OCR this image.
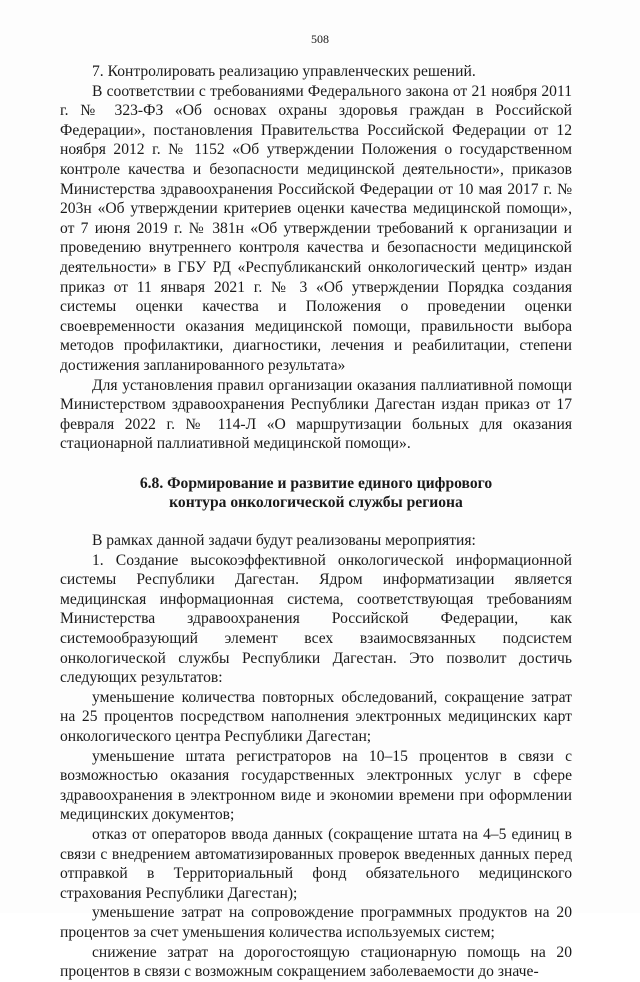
508

7. Контролировать реализацию управленческих решений.

В соответствии с требованиями Федерального закона от 21 ноября 2011 г. № 323-ФЗ «Об основах охраны здоровья граждан в Российской Федерации», постановления Правительства Российской Федерации от 12 ноября 2012 г. № 1152 «Об утверждении Положения о государственном контроле качества и безопасности медицинской деятельности», приказов Министерства здравоохранения Российской Федерации от 10 мая 2017 г. № 203н «Об утверждении критериев оценки качества медицинской помощи», от 7 июня 2019 г. № 381н «Об утверждении требований к организации и проведению внутреннего контроля качества и безопасности медицинской деятельности» в ГБУ РД «Республиканский онкологический центр» издан приказ от 11 января 2021 г. № 3 «Об утверждении Порядка создания системы оценки качества и Положения о проведении оценки своевременности оказания медицинской помощи, правильности выбора методов профилактики, диагностики, лечения и реабилитации, степени достижения запланированного результата»

Для установления правил организации оказания паллиативной помощи Министерством здравоохранения Республики Дагестан издан приказ от 17 февраля 2022 г. № 114-Л «О маршрутизации больных для оказания стационарной паллиативной медицинской помощи».

6.8. Формирование и развитие единого цифрового
контура онкологической службы региона

В рамках данной задачи будут реализованы мероприятия:

1. Создание высокоэффективной онкологической информационной системы Республики Дагестан. Ядром информатизации является медицинская информационная система, соответствующая требованиям Министерства здравоохранения Российской Федерации, как системообразующий элемент всех взаимосвязанных подсистем онкологической службы Республики Дагестан. Это позволит достичь следующих результатов:

уменьшение количества повторных обследований, сокращение затрат на 25 процентов посредством наполнения электронных медицинских карт онкологического центра Республики Дагестан;

уменьшение штата регистраторов на 10–15 процентов в связи с возможностью оказания государственных электронных услуг в сфере здравоохранения в электронном виде и экономии времени при оформлении медицинских документов;

отказ от операторов ввода данных (сокращение штата на 4–5 единиц в связи с внедрением автоматизированных проверок введенных данных перед отправкой в Территориальный фонд обязательного медицинского страхования Республики Дагестан);

уменьшение затрат на сопровождение программных продуктов на 20 процентов за счет уменьшения количества используемых систем;

снижение затрат на дорогостоящую стационарную помощь на 20 процентов в связи с возможным сокращением заболеваемости до значе-
